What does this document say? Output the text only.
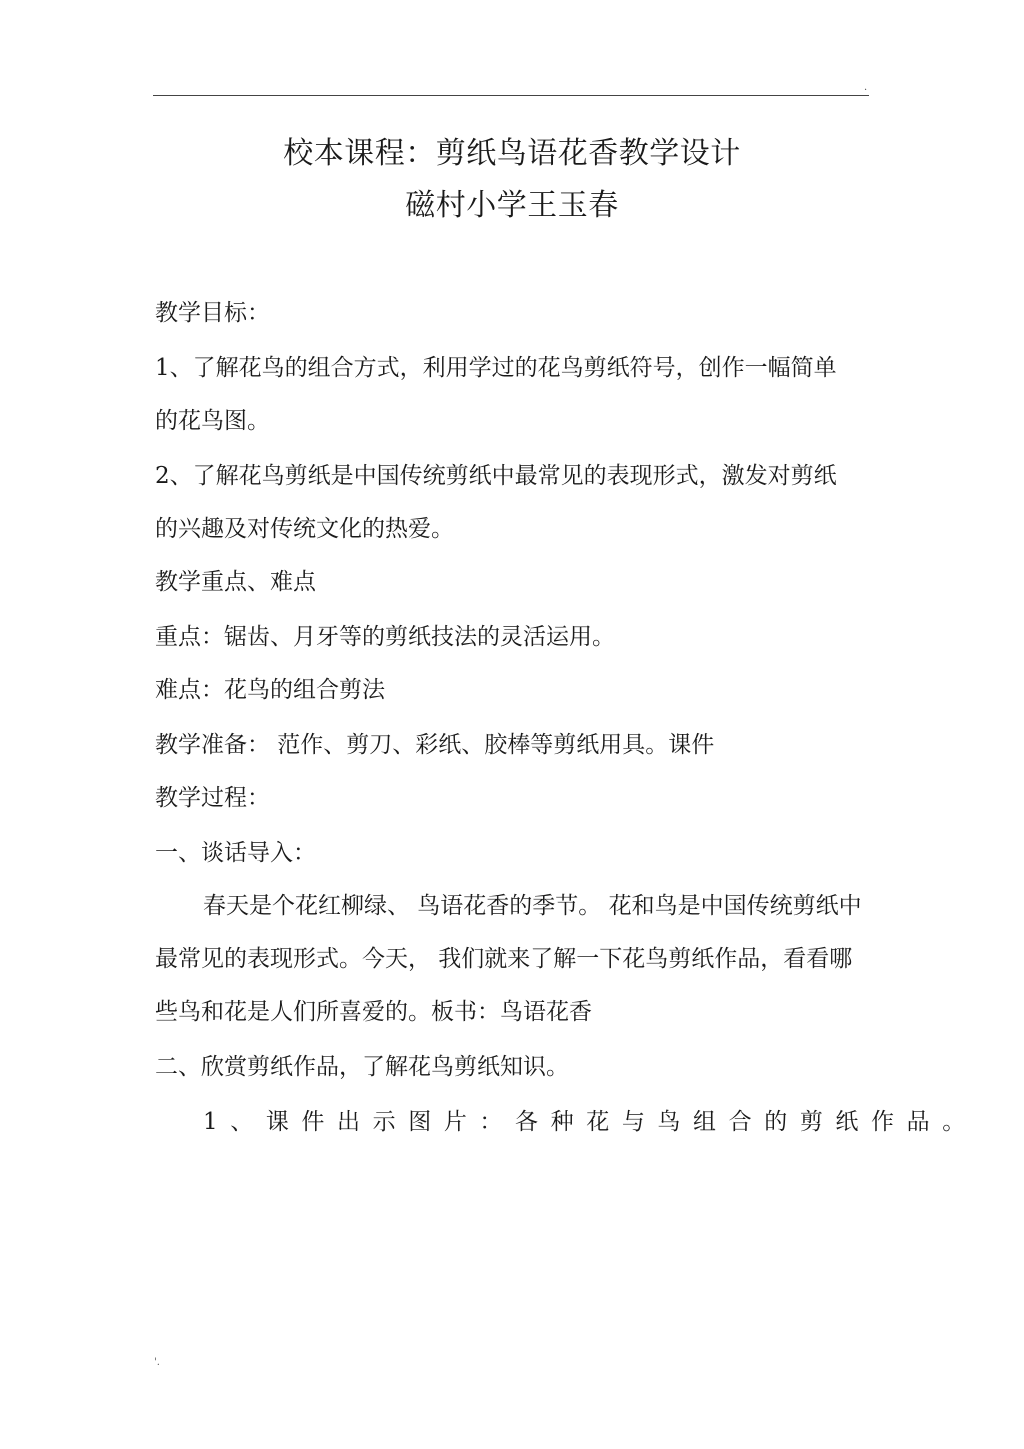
·
校本课程：剪纸鸟语花香教学设计
磁村小学王玉春
教学目标：
1、了解花鸟的组合方式，利用学过的花鸟剪纸符号，创作一幅简单
的花鸟图。
2、了解花鸟剪纸是中国传统剪纸中最常见的表现形式，激发对剪纸
的兴趣及对传统文化的热爱。
教学重点、难点
重点：锯齿、月牙等的剪纸技法的灵活运用。
难点：花鸟的组合剪法
教学准备： 范作、剪刀、彩纸、胶棒等剪纸用具。课件
教学过程：
一、谈话导入：
春天是个花红柳绿、 鸟语花香的季节。 花和鸟是中国传统剪纸中
最常见的表现形式。今天， 我们就来了解一下花鸟剪纸作品，看看哪
些鸟和花是人们所喜爱的。板书：鸟语花香
二、欣赏剪纸作品，了解花鸟剪纸知识。
1、课件出示图片：各种花与鸟组合的剪纸作品。
'.
